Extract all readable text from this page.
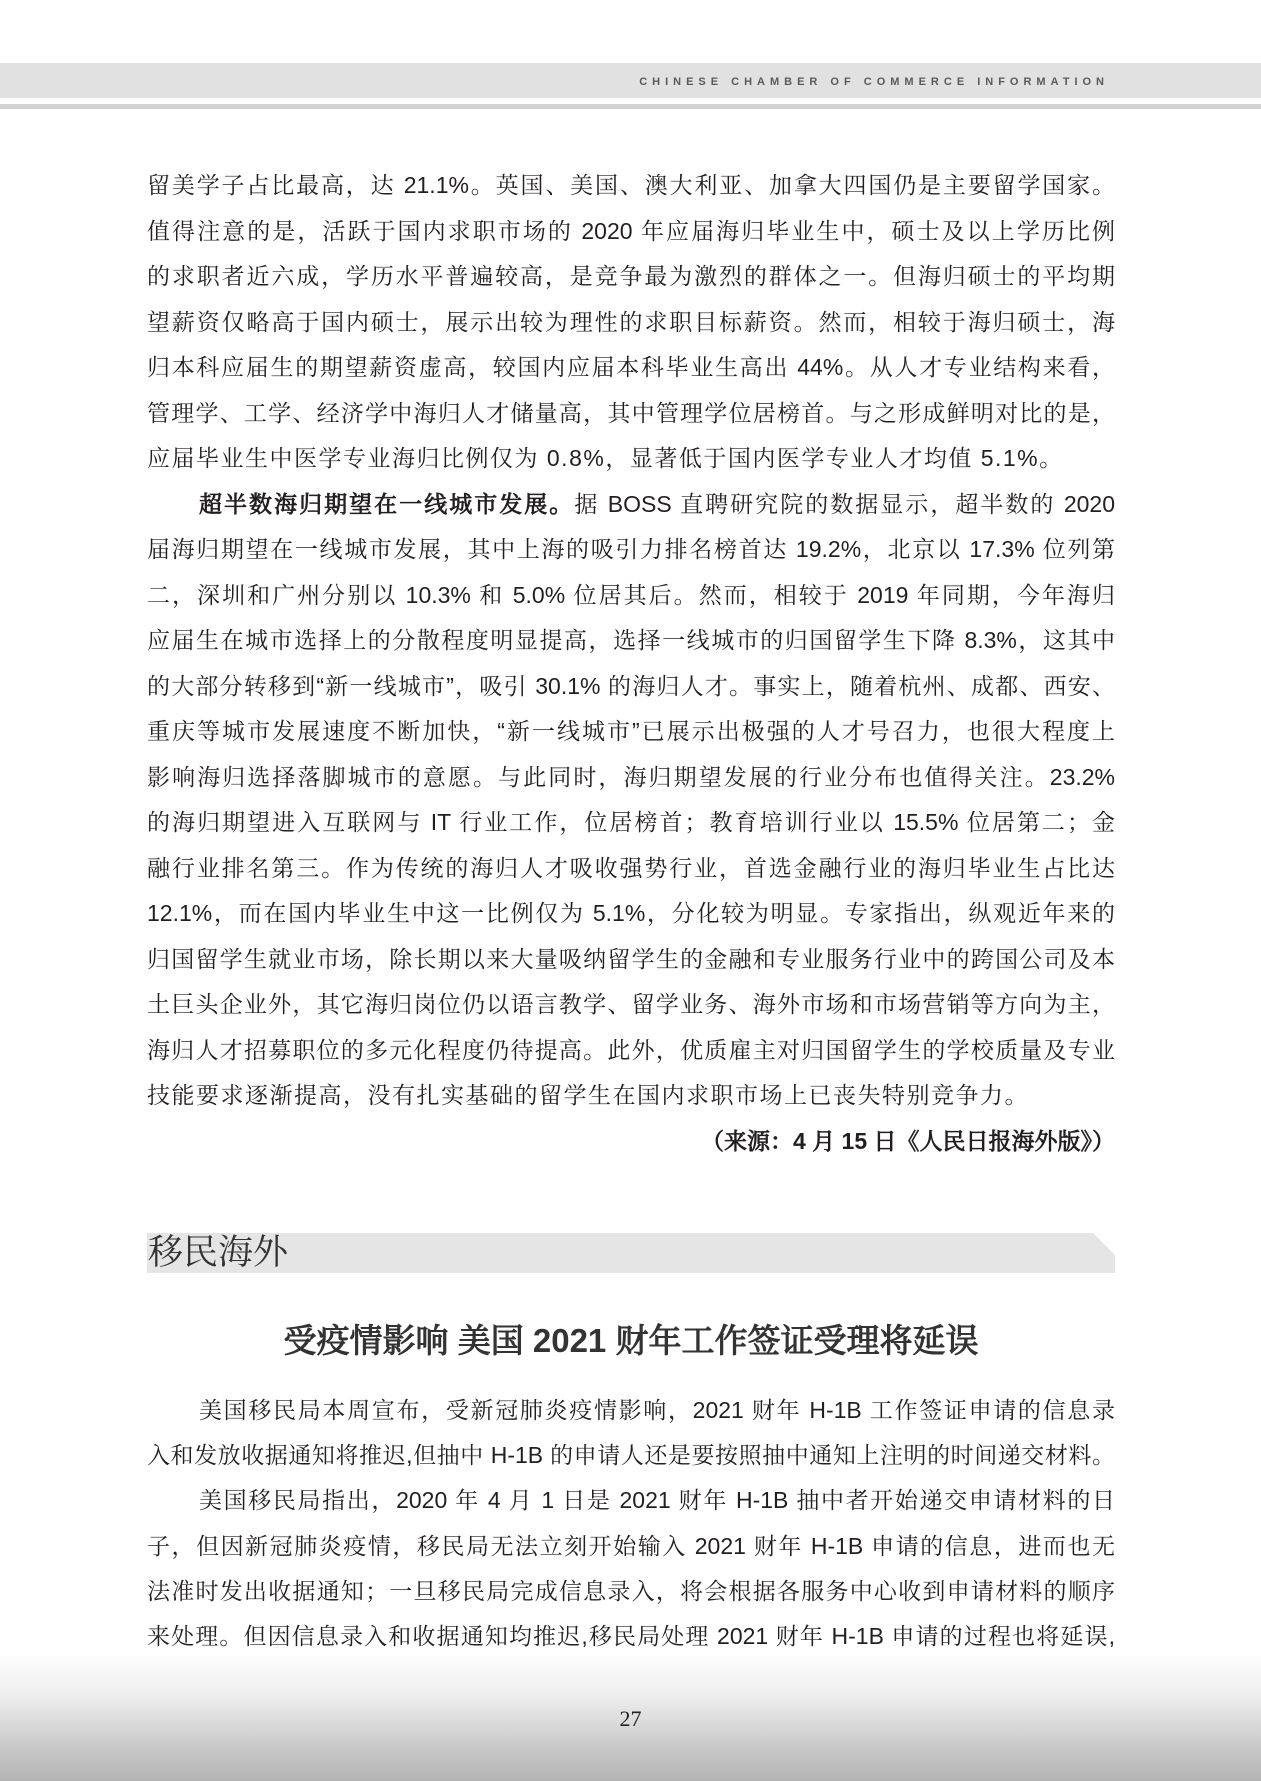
CHINESE CHAMBER OF COMMERCE INFORMATION
留美学子占比最高，达 21.1%。英国、美国、澳大利亚、加拿大四国仍是主要留学国家。
值得注意的是，活跃于国内求职市场的 2020 年应届海归毕业生中，硕士及以上学历比例
的求职者近六成，学历水平普遍较高，是竞争最为激烈的群体之一。但海归硕士的平均期
望薪资仅略高于国内硕士，展示出较为理性的求职目标薪资。然而，相较于海归硕士，海
归本科应届生的期望薪资虚高，较国内应届本科毕业生高出 44%。从人才专业结构来看，
管理学、工学、经济学中海归人才储量高，其中管理学位居榜首。与之形成鲜明对比的是，
应届毕业生中医学专业海归比例仅为 0.8%，显著低于国内医学专业人才均值 5.1%。
超半数海归期望在一线城市发展。据 BOSS 直聘研究院的数据显示，超半数的 2020
届海归期望在一线城市发展，其中上海的吸引力排名榜首达 19.2%，北京以 17.3% 位列第
二，深圳和广州分别以 10.3% 和 5.0% 位居其后。然而，相较于 2019 年同期，今年海归
应届生在城市选择上的分散程度明显提高，选择一线城市的归国留学生下降 8.3%，这其中
的大部分转移到“新一线城市”，吸引 30.1% 的海归人才。事实上，随着杭州、成都、西安、
重庆等城市发展速度不断加快，“新一线城市”已展示出极强的人才号召力，也很大程度上
影响海归选择落脚城市的意愿。与此同时，海归期望发展的行业分布也值得关注。23.2%
的海归期望进入互联网与 IT 行业工作，位居榜首；教育培训行业以 15.5% 位居第二；金
融行业排名第三。作为传统的海归人才吸收强势行业，首选金融行业的海归毕业生占比达
12.1%，而在国内毕业生中这一比例仅为 5.1%，分化较为明显。专家指出，纵观近年来的
归国留学生就业市场，除长期以来大量吸纳留学生的金融和专业服务行业中的跨国公司及本
土巨头企业外，其它海归岗位仍以语言教学、留学业务、海外市场和市场营销等方向为主，
海归人才招募职位的多元化程度仍待提高。此外，优质雇主对归国留学生的学校质量及专业
技能要求逐渐提高，没有扎实基础的留学生在国内求职市场上已丧失特别竞争力。
（来源：4 月 15 日《人民日报海外版》）
移民海外
受疫情影响 美国 2021 财年工作签证受理将延误
美国移民局本周宣布，受新冠肺炎疫情影响，2021 财年 H-1B 工作签证申请的信息录
入和发放收据通知将推迟,但抽中 H-1B 的申请人还是要按照抽中通知上注明的时间递交材料。
美国移民局指出，2020 年 4 月 1 日是 2021 财年 H-1B 抽中者开始递交申请材料的日
子，但因新冠肺炎疫情，移民局无法立刻开始输入 2021 财年 H-1B 申请的信息，进而也无
法准时发出收据通知；一旦移民局完成信息录入，将会根据各服务中心收到申请材料的顺序
来处理。但因信息录入和收据通知均推迟,移民局处理 2021 财年 H-1B 申请的过程也将延误,
27
